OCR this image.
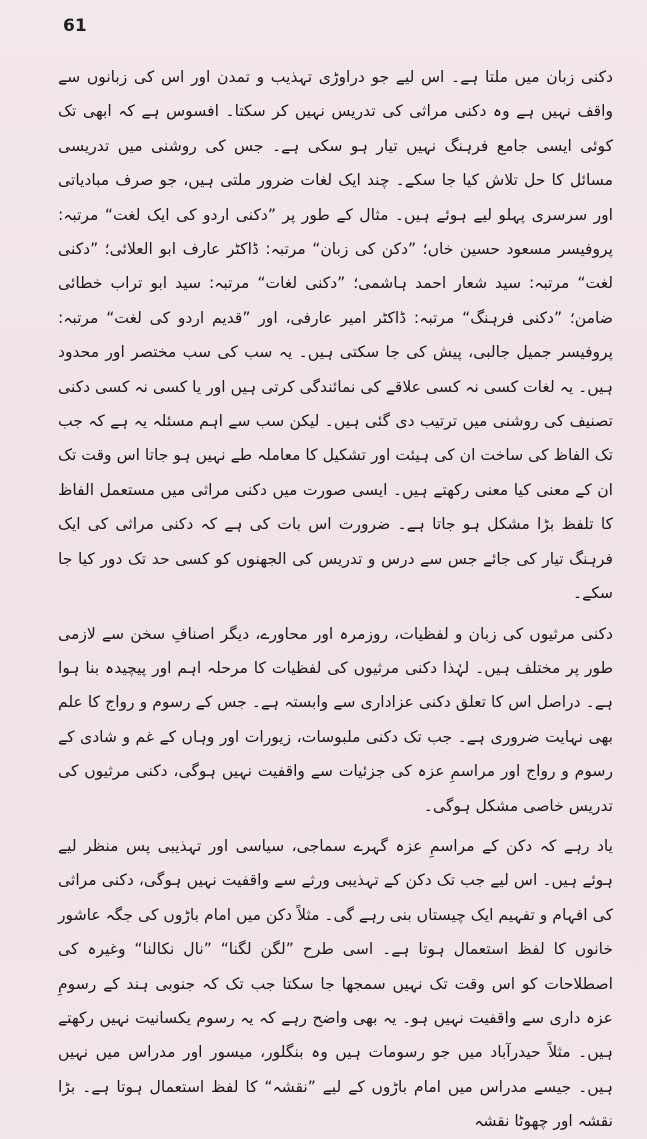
61

دکنی زبان میں ملتا ہے۔ اس لیے جو دراوڑی تہذیب و تمدن اور اس کی زبانوں سے واقف نہیں ہے وہ دکنی مراثی کی تدریس نہیں کر سکتا۔ افسوس ہے کہ ابھی تک کوئی ایسی جامع فرہنگ نہیں تیار ہو سکی ہے۔ جس کی روشنی میں تدریسی مسائل کا حل تلاش کیا جا سکے۔ چند ایک لغات ضرور ملتی ہیں، جو صرف مبادیاتی اور سرسری پہلو لیے ہوئے ہیں۔ مثال کے طور پر ”دکنی اردو کی ایک لغت“ مرتبہ: پروفیسر مسعود حسین خاں؛ ”دکن کی زبان“ مرتبہ: ڈاکٹر عارف ابو العلائی؛ ”دکنی لغت“ مرتبہ: سید شعار احمد ہاشمی؛ ”دکنی لغات“ مرتبہ: سید ابو تراب خطائی ضامن؛ ”دکنی فرہنگ“ مرتبہ: ڈاکٹر امیر عارفی، اور ”قدیم اردو کی لغت“ مرتبہ: پروفیسر جمیل جالبی، پیش کی جا سکتی ہیں۔ یہ سب کی سب مختصر اور محدود ہیں۔ یہ لغات کسی نہ کسی علاقے کی نمائندگی کرتی ہیں اور یا کسی نہ کسی دکنی تصنیف کی روشنی میں ترتیب دی گئی ہیں۔ لیکن سب سے اہم مسئلہ یہ ہے کہ جب تک الفاظ کی ساخت ان کی ہیئت اور تشکیل کا معاملہ طے نہیں ہو جاتا اس وقت تک ان کے معنی کیا معنی رکھتے ہیں۔ ایسی صورت میں دکنی مراثی میں مستعمل الفاظ کا تلفظ بڑا مشکل ہو جاتا ہے۔ ضرورت اس بات کی ہے کہ دکنی مراثی کی ایک فرہنگ تیار کی جائے جس سے درس و تدریس کی الجھنوں کو کسی حد تک دور کیا جا سکے۔

دکنی مرثیوں کی زبان و لفظیات، روزمرہ اور محاورے، دیگر اصنافِ سخن سے لازمی طور پر مختلف ہیں۔ لہٰذا دکنی مرثیوں کی لفظیات کا مرحلہ اہم اور پیچیدہ بنا ہوا ہے۔ دراصل اس کا تعلق دکنی عزاداری سے وابستہ ہے۔ جس کے رسوم و رواج کا علم بھی نہایت ضروری ہے۔ جب تک دکنی ملبوسات، زیورات اور وہاں کے غم و شادی کے رسوم و رواج اور مراسمِ عزہ کی جزئیات سے واقفیت نہیں ہوگی، دکنی مرثیوں کی تدریس خاصی مشکل ہوگی۔

یاد رہے کہ دکن کے مراسمِ عزہ گہرے سماجی، سیاسی اور تہذیبی پس منظر لیے ہوئے ہیں۔ اس لیے جب تک دکن کے تہذیبی ورثے سے واقفیت نہیں ہوگی، دکنی مراثی کی افہام و تفہیم ایک چیستاں بنی رہے گی۔ مثلاً دکن میں امام باڑوں کی جگہ عاشور خانوں کا لفظ استعمال ہوتا ہے۔ اسی طرح ”لگن لگنا“ ”نال نکالنا“ وغیرہ کی اصطلاحات کو اس وقت تک نہیں سمجھا جا سکتا جب تک کہ جنوبی ہند کے رسومِ عزہ داری سے واقفیت نہیں ہو۔ یہ بھی واضح رہے کہ یہ رسوم یکسانیت نہیں رکھتے ہیں۔ مثلاً حیدرآباد میں جو رسومات ہیں وہ بنگلور، میسور اور مدراس میں نہیں ہیں۔ جیسے مدراس میں امام باڑوں کے لیے ”نقشہ“ کا لفظ استعمال ہوتا ہے۔ بڑا نقشہ اور چھوٹا نقشہ
